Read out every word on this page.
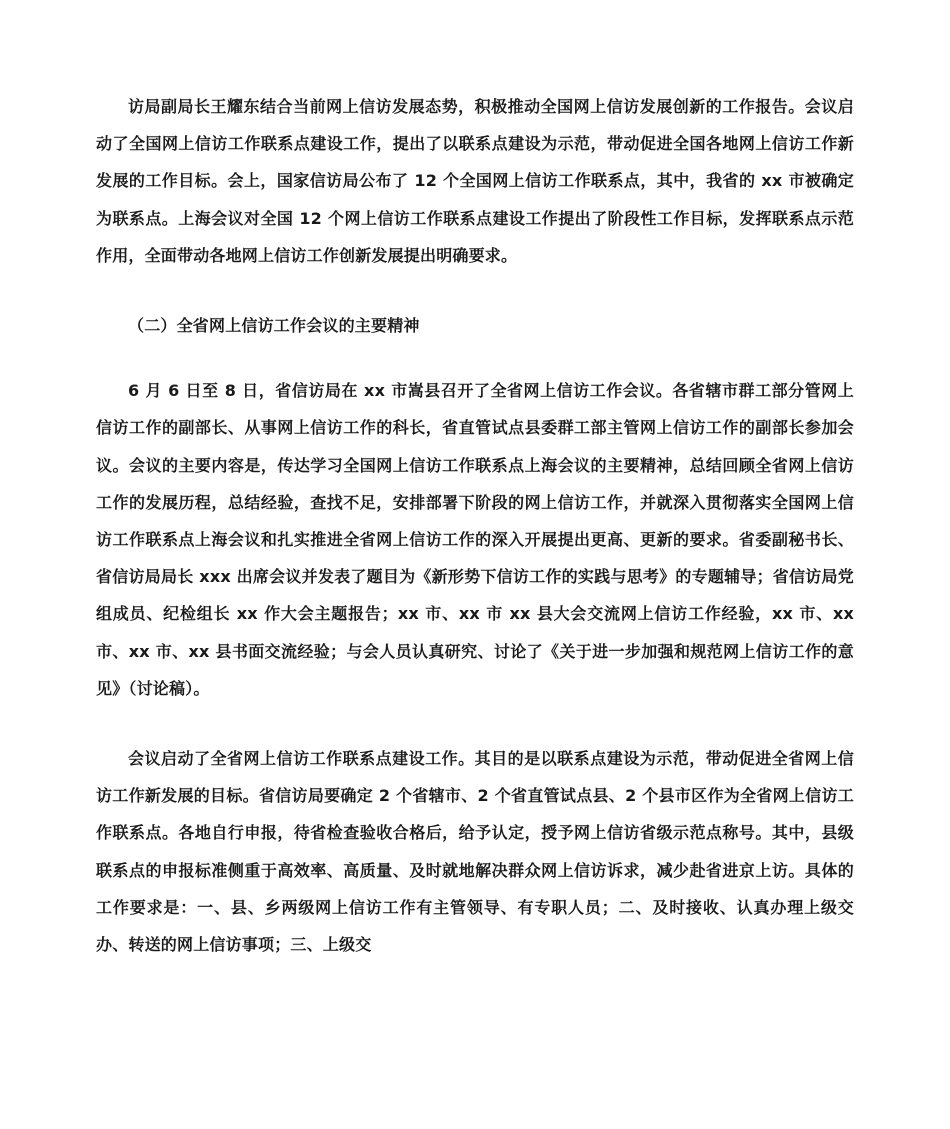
访局副局长王耀东结合当前网上信访发展态势，积极推动全国网上信访发展创新的工作报告。会议启动了全国网上信访工作联系点建设工作，提出了以联系点建设为示范，带动促进全国各地网上信访工作新发展的工作目标。会上，国家信访局公布了 12 个全国网上信访工作联系点，其中，我省的 xx 市被确定为联系点。上海会议对全国 12 个网上信访工作联系点建设工作提出了阶段性工作目标，发挥联系点示范作用，全面带动各地网上信访工作创新发展提出明确要求。

（二）全省网上信访工作会议的主要精神

6 月 6 日至 8 日，省信访局在 xx 市嵩县召开了全省网上信访工作会议。各省辖市群工部分管网上信访工作的副部长、从事网上信访工作的科长，省直管试点县委群工部主管网上信访工作的副部长参加会议。会议的主要内容是，传达学习全国网上信访工作联系点上海会议的主要精神，总结回顾全省网上信访工作的发展历程，总结经验，查找不足，安排部署下阶段的网上信访工作，并就深入贯彻落实全国网上信访工作联系点上海会议和扎实推进全省网上信访工作的深入开展提出更高、更新的要求。省委副秘书长、省信访局局长 xxx 出席会议并发表了题目为《新形势下信访工作的实践与思考》的专题辅导；省信访局党组成员、纪检组长 xx 作大会主题报告；xx 市、xx 市 xx 县大会交流网上信访工作经验，xx 市、xx 市、xx 市、xx 县书面交流经验；与会人员认真研究、讨论了《关于进一步加强和规范网上信访工作的意见》（讨论稿）。

会议启动了全省网上信访工作联系点建设工作。其目的是以联系点建设为示范，带动促进全省网上信访工作新发展的目标。省信访局要确定 2 个省辖市、2 个省直管试点县、2 个县市区作为全省网上信访工作联系点。各地自行申报，待省检查验收合格后，给予认定，授予网上信访省级示范点称号。其中，县级联系点的申报标准侧重于高效率、高质量、及时就地解决群众网上信访诉求，减少赴省进京上访。具体的工作要求是：一、县、乡两级网上信访工作有主管领导、有专职人员；二、及时接收、认真办理上级交办、转送的网上信访事项；三、上级交
